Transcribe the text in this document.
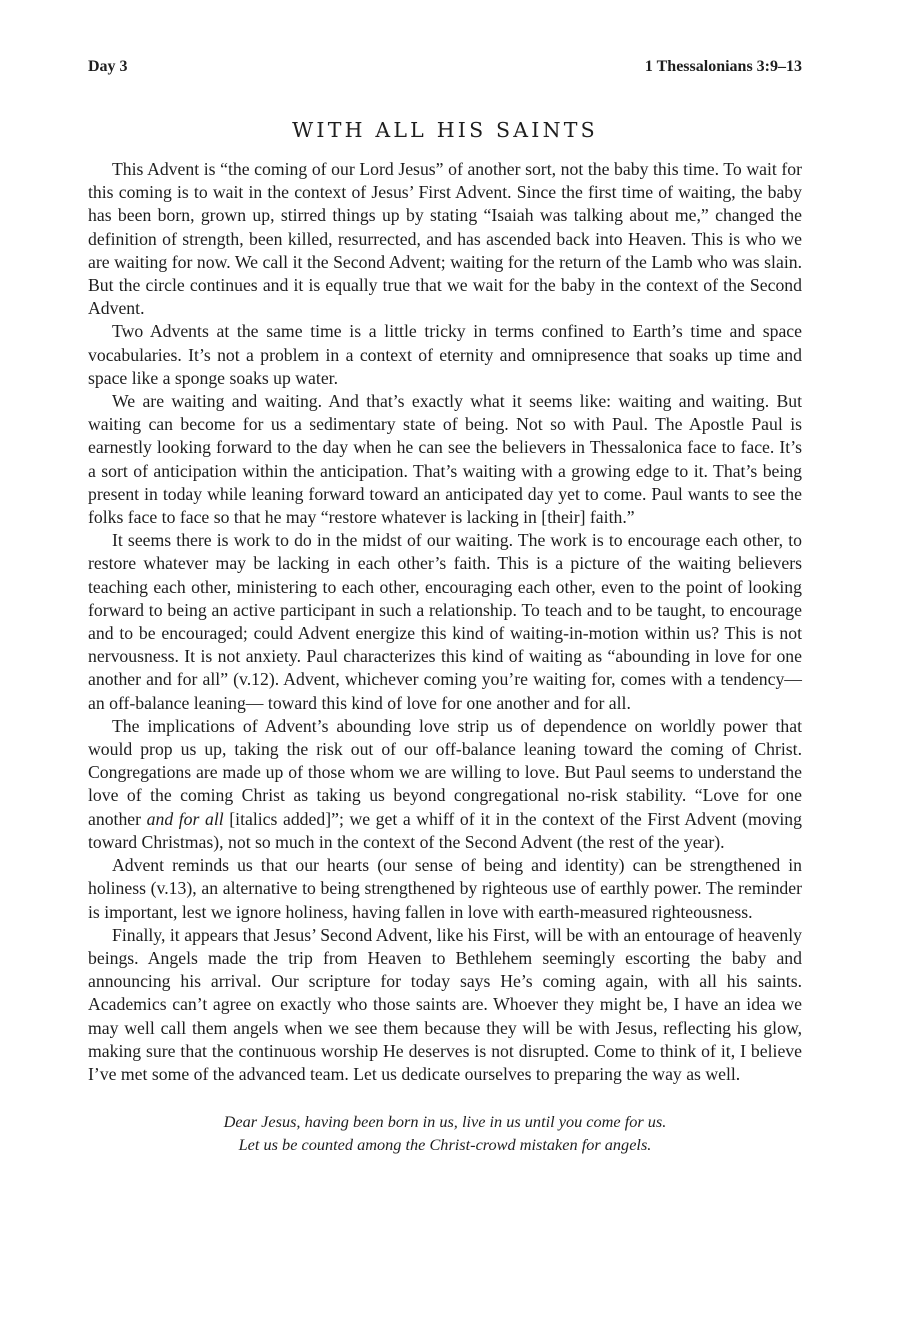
Day 3	1 Thessalonians 3:9–13
WITH ALL HIS SAINTS

This Advent is “the coming of our Lord Jesus” of another sort, not the baby this time. To wait for this coming is to wait in the context of Jesus’ First Advent. Since the first time of waiting, the baby has been born, grown up, stirred things up by stating “Isaiah was talking about me,” changed the definition of strength, been killed, resurrected, and has ascended back into Heaven. This is who we are waiting for now. We call it the Second Advent; waiting for the return of the Lamb who was slain. But the circle continues and it is equally true that we wait for the baby in the context of the Second Advent.

Two Advents at the same time is a little tricky in terms confined to Earth’s time and space vocabularies. It’s not a problem in a context of eternity and omnipresence that soaks up time and space like a sponge soaks up water.

We are waiting and waiting. And that’s exactly what it seems like: waiting and waiting. But waiting can become for us a sedimentary state of being. Not so with Paul. The Apostle Paul is earnestly looking forward to the day when he can see the believers in Thessalonica face to face. It’s a sort of anticipation within the anticipation. That’s waiting with a growing edge to it. That’s being present in today while leaning forward toward an anticipated day yet to come. Paul wants to see the folks face to face so that he may “restore whatever is lacking in [their] faith.”

It seems there is work to do in the midst of our waiting. The work is to encourage each other, to restore whatever may be lacking in each other’s faith. This is a picture of the waiting believers teaching each other, ministering to each other, encouraging each other, even to the point of looking forward to being an active participant in such a relationship. To teach and to be taught, to encourage and to be encouraged; could Advent energize this kind of waiting-in-motion within us? This is not nervousness. It is not anxiety. Paul characterizes this kind of waiting as “abounding in love for one another and for all” (v.12). Advent, whichever coming you’re waiting for, comes with a tendency—an off-balance leaning— toward this kind of love for one another and for all.

The implications of Advent’s abounding love strip us of dependence on worldly power that would prop us up, taking the risk out of our off-balance leaning toward the coming of Christ. Congregations are made up of those whom we are willing to love. But Paul seems to understand the love of the coming Christ as taking us beyond congregational no-risk stability. “Love for one another and for all [italics added]”; we get a whiff of it in the context of the First Advent (moving toward Christmas), not so much in the context of the Second Advent (the rest of the year).

Advent reminds us that our hearts (our sense of being and identity) can be strengthened in holiness (v.13), an alternative to being strengthened by righteous use of earthly power. The reminder is important, lest we ignore holiness, having fallen in love with earth-measured righteousness.

Finally, it appears that Jesus’ Second Advent, like his First, will be with an entourage of heavenly beings. Angels made the trip from Heaven to Bethlehem seemingly escorting the baby and announcing his arrival. Our scripture for today says He’s coming again, with all his saints. Academics can’t agree on exactly who those saints are. Whoever they might be, I have an idea we may well call them angels when we see them because they will be with Jesus, reflecting his glow, making sure that the continuous worship He deserves is not disrupted. Come to think of it, I believe I’ve met some of the advanced team. Let us dedicate ourselves to preparing the way as well.

Dear Jesus, having been born in us, live in us until you come for us.
Let us be counted among the Christ-crowd mistaken for angels.
